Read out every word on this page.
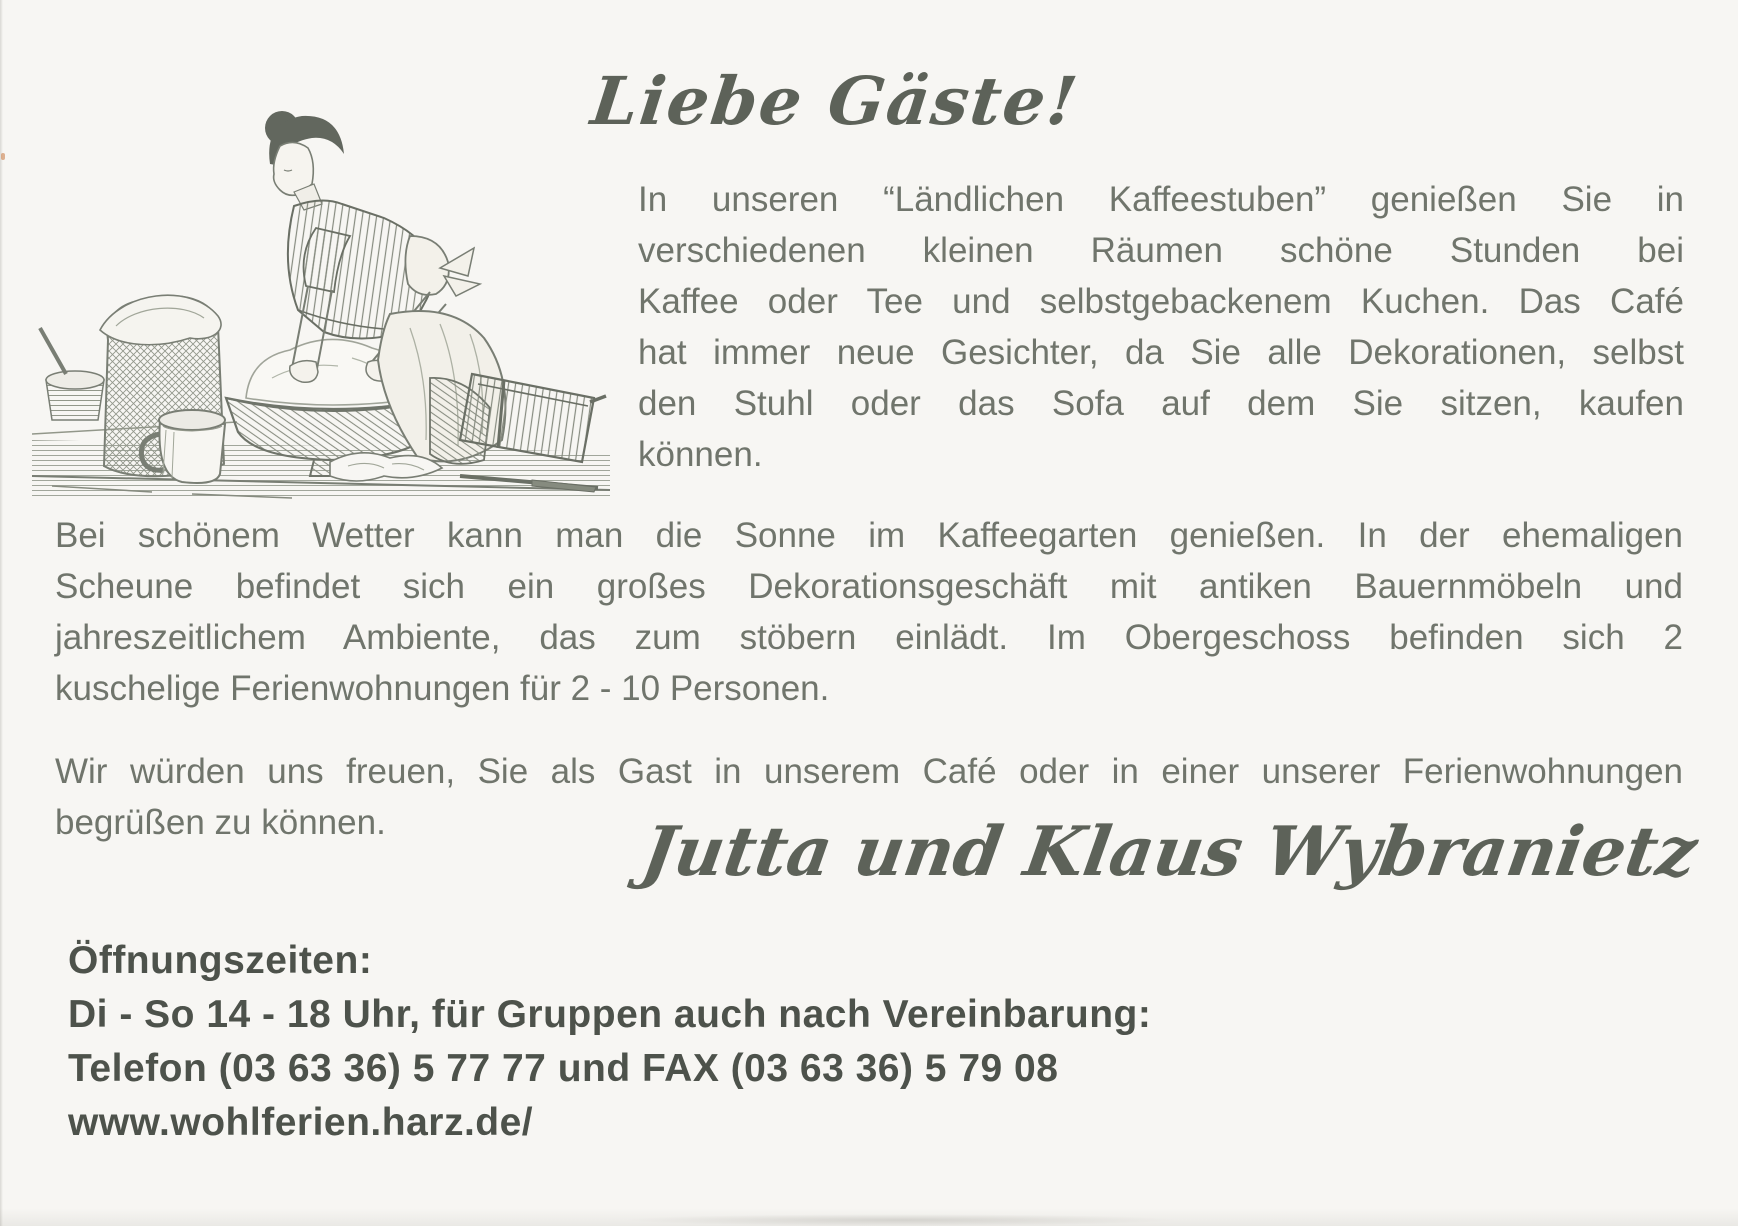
Liebe Gäste!
In unseren “Ländlichen Kaffeestuben” genießen Sie in
verschiedenen kleinen Räumen schöne Stunden bei
Kaffee oder Tee und selbstgebackenem Kuchen. Das Café
hat immer neue Gesichter, da Sie alle Dekorationen, selbst
den Stuhl oder das Sofa auf dem Sie sitzen, kaufen
können.
Bei schönem Wetter kann man die Sonne im Kaffeegarten genießen. In der ehemaligen
Scheune befindet sich ein großes Dekorationsgeschäft mit antiken Bauernmöbeln und
jahreszeitlichem Ambiente, das zum stöbern einlädt. Im Obergeschoss befinden sich 2
kuschelige Ferienwohnungen für 2 - 10 Personen.
Wir würden uns freuen, Sie als Gast in unserem Café oder in einer unserer Ferienwohnungen
begrüßen zu können.	Jutta und Klaus Wybranietz
Öffnungszeiten:
Di - So 14 - 18 Uhr, für Gruppen auch nach Vereinbarung:
Telefon (03 63 36) 5 77 77 und FAX (03 63 36) 5 79 08
www.wohlferien.harz.de/
